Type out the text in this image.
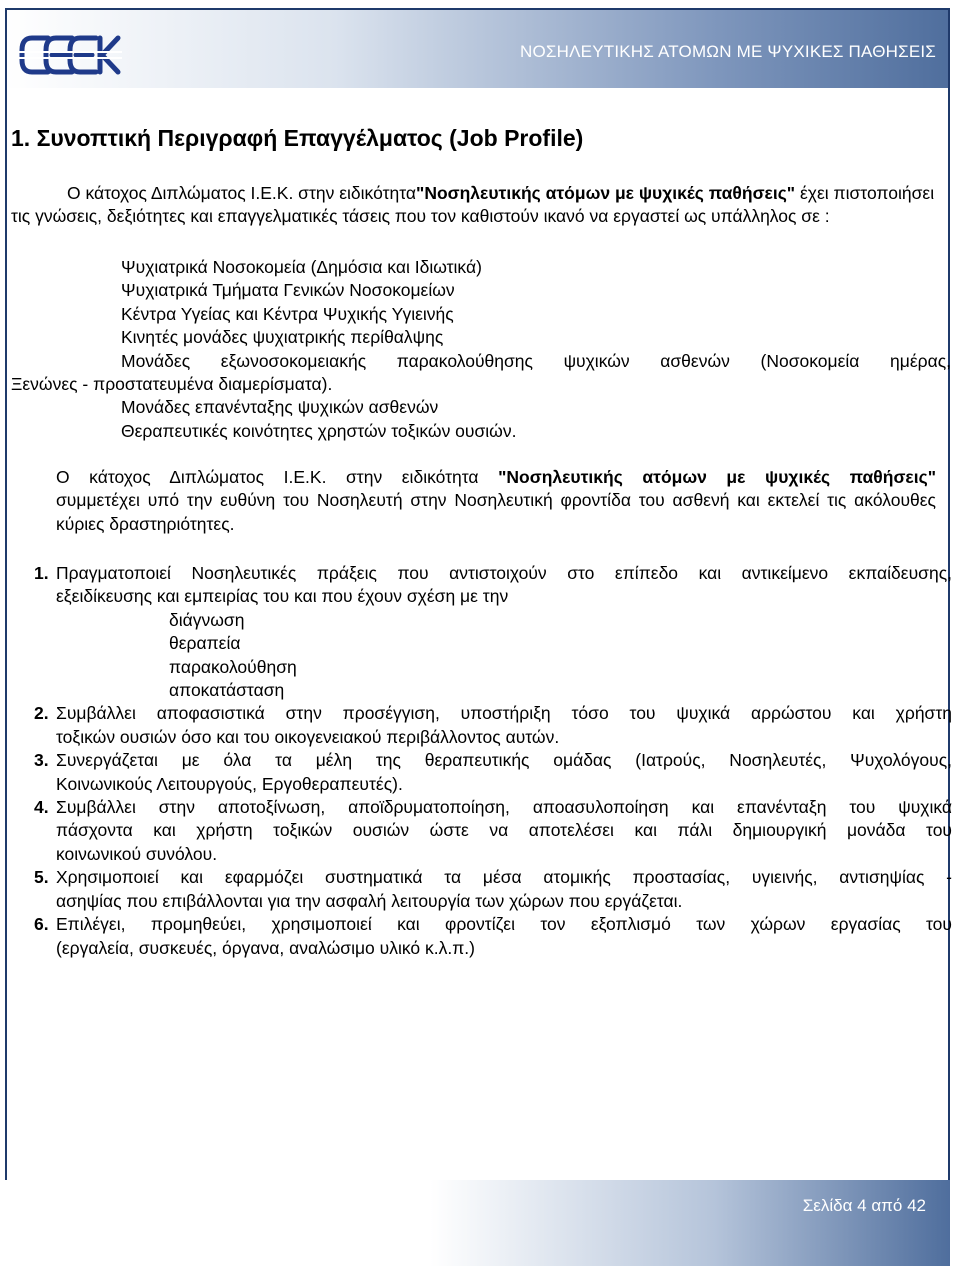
ΝΟΣΗΛΕΥΤΙΚΗΣ ΑΤΟΜΩΝ ΜΕ ΨΥΧΙΚΕΣ ΠΑΘΗΣΕΙΣ
1. Συνοπτική Περιγραφή Επαγγέλματος (Job Profile)
Ο κάτοχος Διπλώματος Ι.Ε.Κ. στην ειδικότητα"Νοσηλευτικής ατόμων με ψυχικές παθήσεις" έχει πιστοποιήσει τις γνώσεις, δεξιότητες και επαγγελματικές τάσεις που τον καθιστούν ικανό να εργαστεί ως υπάλληλος σε :
Ψυχιατρικά Νοσοκομεία (Δημόσια και Ιδιωτικά)
Ψυχιατρικά Τμήματα Γενικών Νοσοκομείων
Κέντρα Υγείας και Κέντρα Ψυχικής Υγιεινής
Κινητές μονάδες ψυχιατρικής περίθαλψης
Μονάδες εξωνοσοκομειακής παρακολούθησης ψυχικών ασθενών (Νοσοκομεία ημέρας,
Ξενώνες - προστατευμένα διαμερίσματα).
Μονάδες επανένταξης ψυχικών ασθενών
Θεραπευτικές κοινότητες χρηστών τοξικών ουσιών.
Ο κάτοχος Διπλώματος Ι.Ε.Κ. στην ειδικότητα "Νοσηλευτικής ατόμων με ψυχικές παθήσεις"
συμμετέχει υπό την ευθύνη του Νοσηλευτή στην Νοσηλευτική φροντίδα του ασθενή και εκτελεί τις ακόλουθες κύριες δραστηριότητες.
1. Πραγματοποιεί Νοσηλευτικές πράξεις που αντιστοιχούν στο επίπεδο και αντικείμενο εκπαίδευσης,
εξειδίκευσης και εμπειρίας του και που έχουν σχέση με την
διάγνωση
θεραπεία
παρακολούθηση
αποκατάσταση
2. Συμβάλλει αποφασιστικά στην προσέγγιση, υποστήριξη τόσο του ψυχικά αρρώστου και χρήστη
τοξικών ουσιών όσο και του οικογενειακού περιβάλλοντος αυτών.
3. Συνεργάζεται με όλα τα μέλη της θεραπευτικής ομάδας (Ιατρούς, Νοσηλευτές, Ψυχολόγους,
Κοινωνικούς Λειτουργούς, Εργοθεραπευτές).
4. Συμβάλλει στην αποτοξίνωση, αποϊδρυματοποίηση, αποασυλοποίηση και επανένταξη του ψυχικά
πάσχοντα και χρήστη τοξικών ουσιών ώστε να αποτελέσει και πάλι δημιουργική μονάδα του
κοινωνικού συνόλου.
5. Χρησιμοποιεί και εφαρμόζει συστηματικά τα μέσα ατομικής προστασίας, υγιεινής, αντισηψίας -
ασηψίας που επιβάλλονται για την ασφαλή λειτουργία των χώρων που εργάζεται.
6. Επιλέγει, προμηθεύει, χρησιμοποιεί και φροντίζει τον εξοπλισμό των χώρων εργασίας του
(εργαλεία, συσκευές, όργανα, αναλώσιμο υλικό κ.λ.π.)
Σελίδα 4 από 42
